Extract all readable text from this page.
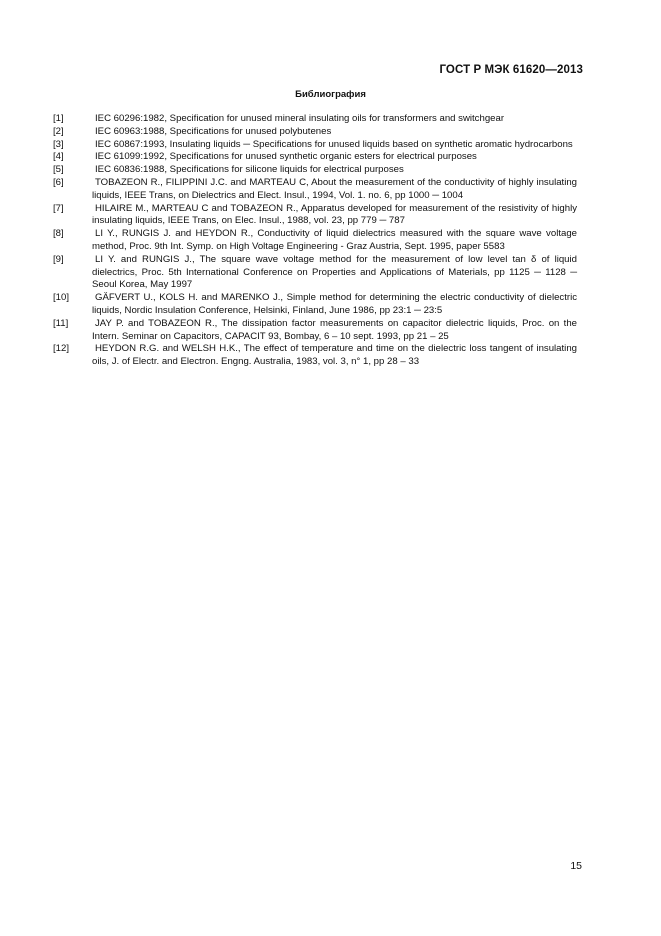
ГОСТ Р МЭК 61620—2013
Библиография
[1]	IEC 60296:1982, Specification for unused mineral insulating oils for transformers and switchgear
[2]	IEC 60963:1988, Specifications for unused polybutenes
[3]	IEC 60867:1993, Insulating liquids ─ Specifications for unused liquids based on synthetic aromatic hydrocarbons
[4]	IEC 61099:1992, Specifications for unused synthetic organic esters for electrical purposes
[5]	IEC 60836:1988, Specifications for silicone liquids for electrical purposes
[6]	TOBAZEON R., FILIPPINI J.C. and MARTEAU C, About the measurement of the conductivity of highly insulating liquids, IEEE Trans, on Dielectrics and Elect. Insul., 1994, Vol. 1. no. 6, pp 1000 ─ 1004
[7]	HILAIRE M., MARTEAU C and TOBAZEON R., Apparatus developed for measurement of the resistivity of highly insulating liquids, IEEE Trans, on Elec. Insul., 1988, vol. 23, pp 779 ─ 787
[8]	LI Y., RUNGIS J. and HEYDON R., Conductivity of liquid dielectrics measured with the square wave voltage method, Proc. 9th Int. Symp. on High Voltage Engineering - Graz Austria, Sept. 1995, paper 5583
[9]	LI Y. and RUNGIS J., The square wave voltage method for the measurement of low level tan δ of liquid dielectrics, Proc. 5th International Conference on Properties and Applications of Materials, pp 1125 ─ 1128 ─ Seoul Korea, May 1997
[10]	GÄFVERT U., KOLS H. and MARENKO J., Simple method for determining the electric conductivity of dielectric liquids, Nordic Insulation Conference, Helsinki, Finland, June 1986, pp 23:1 ─ 23:5
[11]	JAY P. and TOBAZEON R., The dissipation factor measurements on capacitor dielectric liquids, Proc. on the Intern. Seminar on Capacitors, CAPACIT 93, Bombay, 6 – 10 sept. 1993, pp 21 – 25
[12]	HEYDON R.G. and WELSH H.K., The effect of temperature and time on the dielectric loss tangent of insulating oils, J. of Electr. and Electron. Engng. Australia, 1983, vol. 3, n° 1, pp 28 – 33
15
